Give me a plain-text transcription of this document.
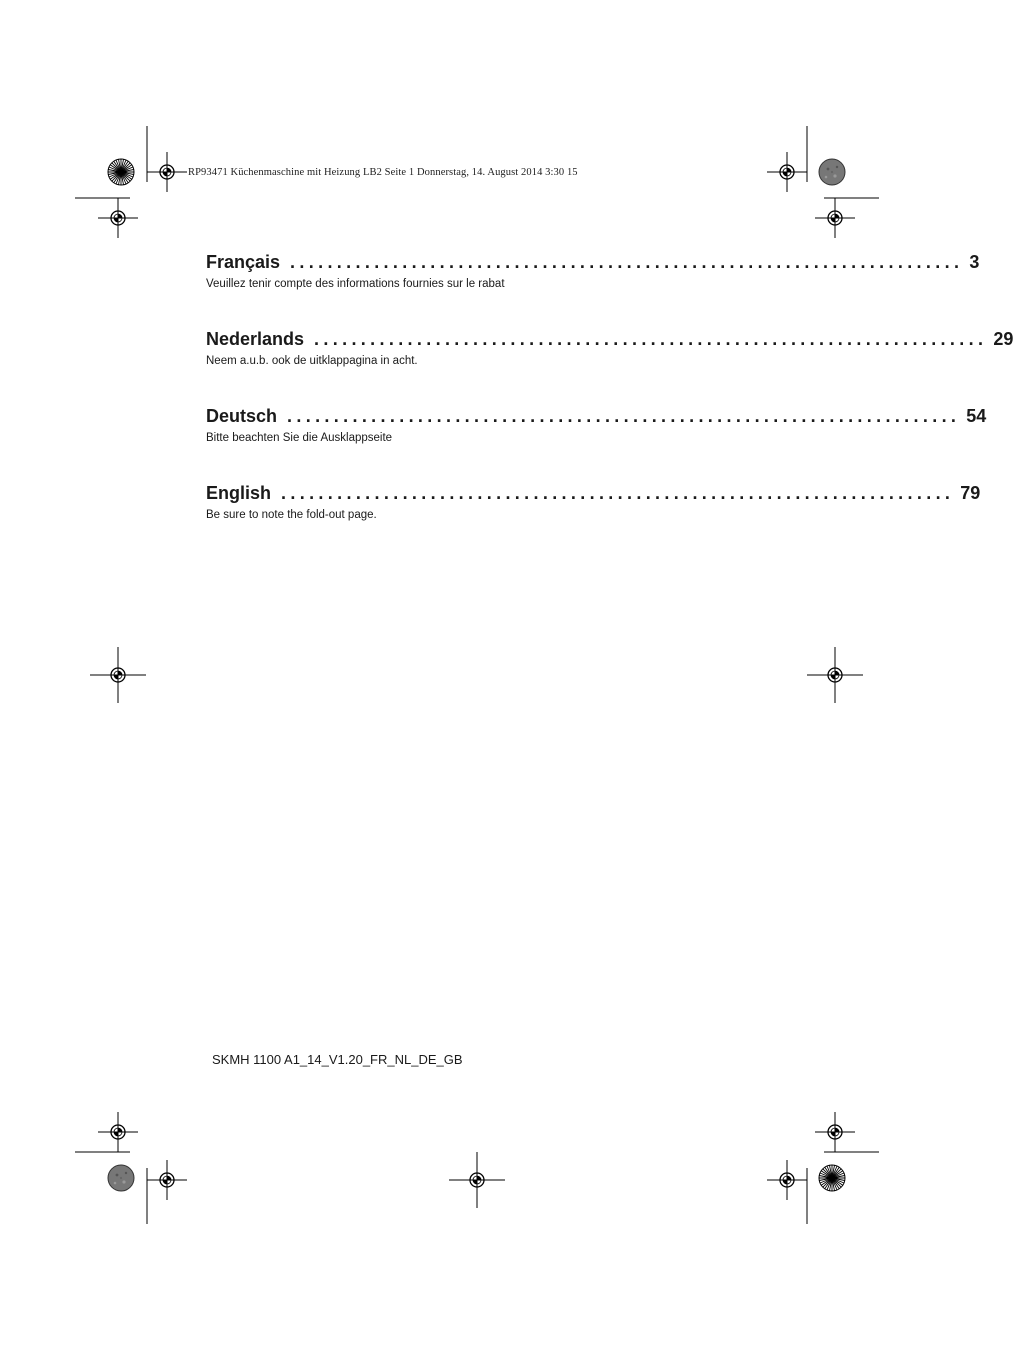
RP93471 Küchenmaschine mit Heizung LB2 Seite 1 Donnerstag, 14. August 2014 3:30 15
Français ........................................................................ 3
Veuillez tenir compte des informations fournies sur le rabat
Nederlands ........................................................................ 29
Neem a.u.b. ook de uitklappagina in acht.
Deutsch ........................................................................ 54
Bitte beachten Sie die Ausklappseite
English ........................................................................ 79
Be sure to note the fold-out page.
SKMH 1100 A1_14_V1.20_FR_NL_DE_GB
